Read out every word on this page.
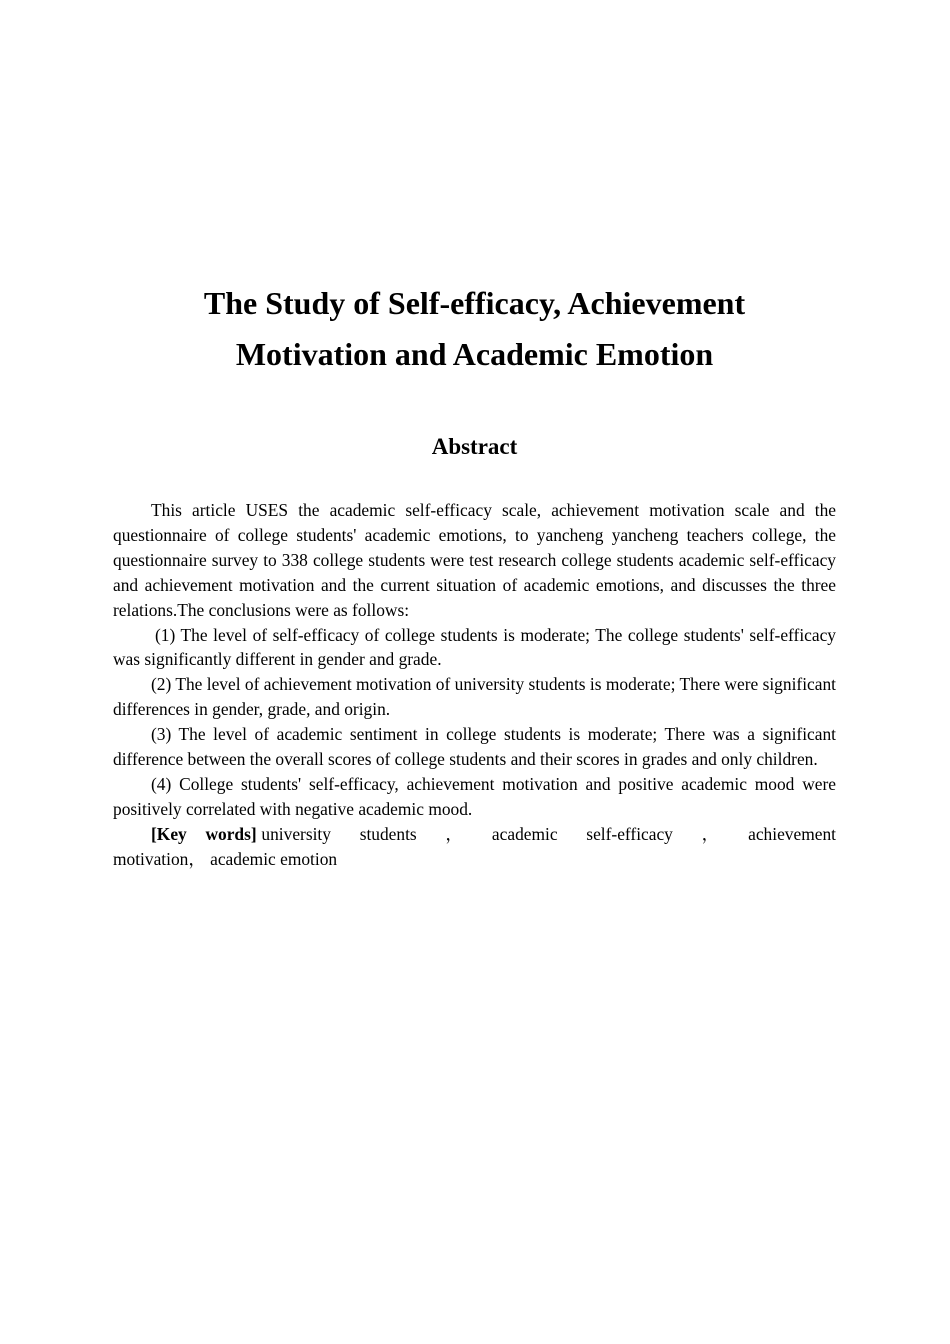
The Study of Self-efficacy, Achievement
Motivation and Academic Emotion
Abstract

This article USES the academic self-efficacy scale, achievement motivation scale and the questionnaire of college students' academic emotions, to yancheng yancheng teachers college, the questionnaire survey to 338 college students were test research college students academic self-efficacy and achievement motivation and the current situation of academic emotions, and discusses the three relations.The conclusions were as follows:

(1) The level of self-efficacy of college students is moderate; The college students' self-efficacy was significantly different in gender and grade.

(2) The level of achievement motivation of university students is moderate; There were significant differences in gender, grade, and origin.

(3) The level of academic sentiment in college students is moderate; There was a significant difference between the overall scores of college students and their scores in grades and only children.

(4) College students' self-efficacy, achievement motivation and positive academic mood were positively correlated with negative academic mood.

[Key words] university students ， academic self-efficacy ， achievement motivation， academic emotion
